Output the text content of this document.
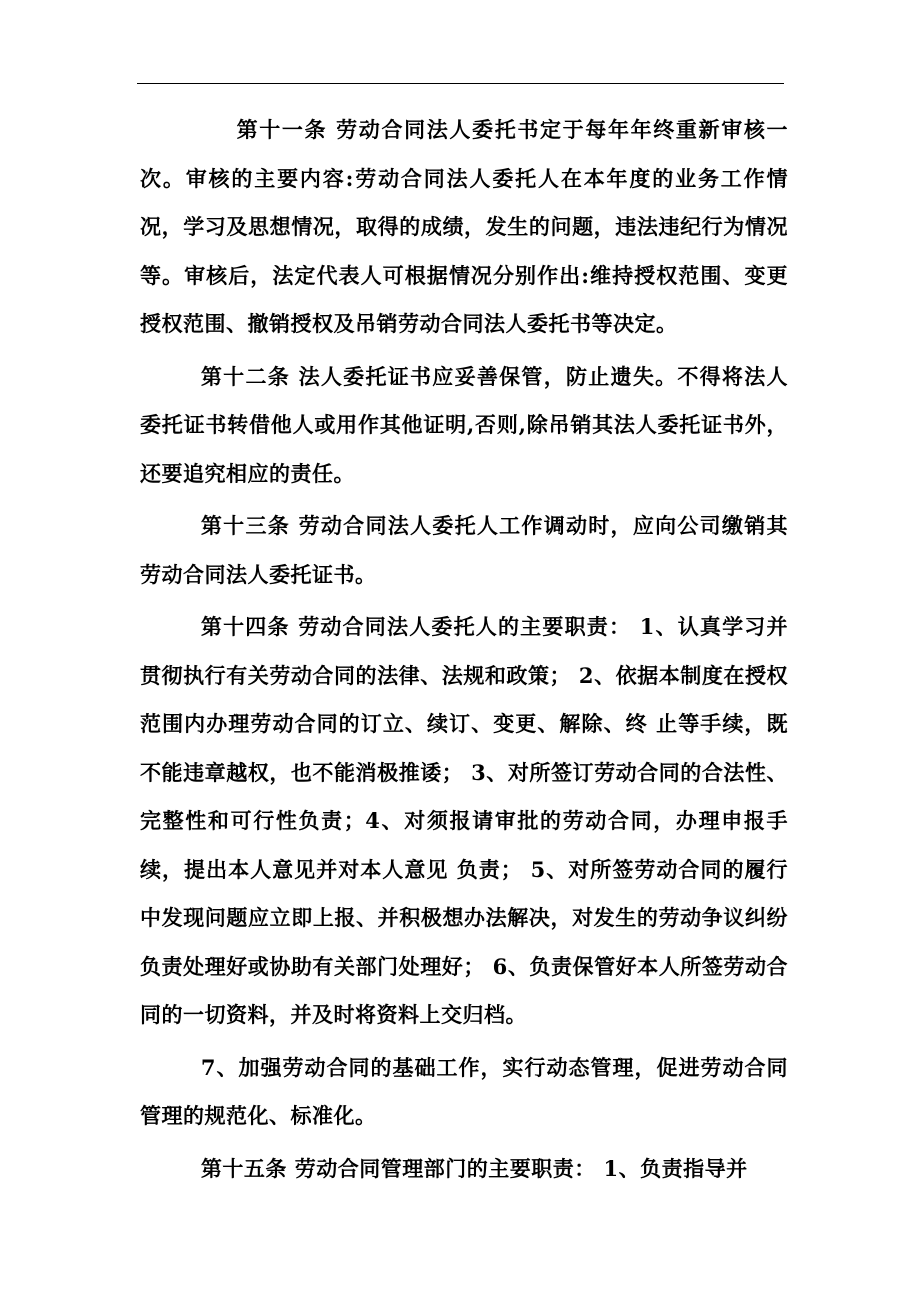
第十一条 劳动合同法人委托书定于每年年终重新审核一次。审核的主要内容:劳动合同法人委托人在本年度的业务工作情况，学习及思想情况，取得的成绩，发生的问题，违法违纪行为情况等。审核后，法定代表人可根据情况分别作出:维持授权范围、变更授权范围、撤销授权及吊销劳动合同法人委托书等决定。

第十二条 法人委托证书应妥善保管，防止遗失。不得将法人委托证书转借他人或用作其他证明,否则,除吊销其法人委托证书外，还要追究相应的责任。

第十三条 劳动合同法人委托人工作调动时，应向公司缴销其劳动合同法人委托证书。

第十四条 劳动合同法人委托人的主要职责： 1、认真学习并贯彻执行有关劳动合同的法律、法规和政策； 2、依据本制度在授权范围内办理劳动合同的订立、续订、变更、解除、终 止等手续，既不能违章越权，也不能消极推诿； 3、对所签订劳动合同的合法性、完整性和可行性负责；4、对须报请审批的劳动合同，办理申报手续，提出本人意见并对本人意见 负责； 5、对所签劳动合同的履行中发现问题应立即上报、并积极想办法解决，对发生的劳动争议纠纷负责处理好或协助有关部门处理好； 6、负责保管好本人所签劳动合同的一切资料，并及时将资料上交归档。

7、加强劳动合同的基础工作，实行动态管理，促进劳动合同管理的规范化、标准化。

第十五条 劳动合同管理部门的主要职责： 1、负责指导并
